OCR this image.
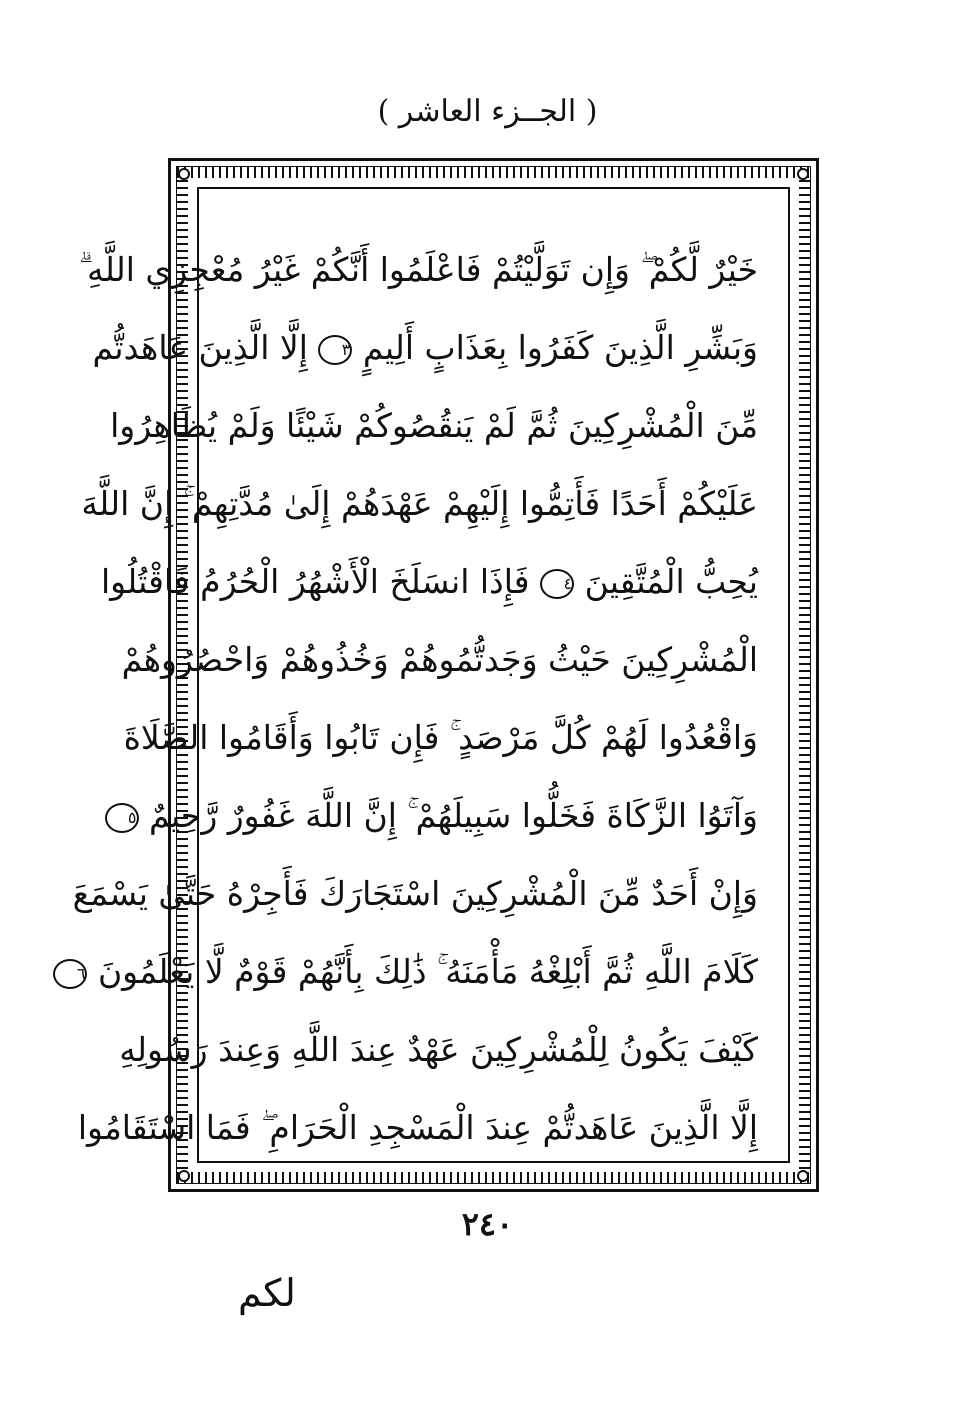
( الجــزء العاشر )
خَيْرٌ لَّكُمْ ۖ وَإِن تَوَلَّيْتُمْ فَاعْلَمُوا أَنَّكُمْ غَيْرُ مُعْجِزِي اللَّهِ ۗ
وَبَشِّرِ الَّذِينَ كَفَرُوا بِعَذَابٍ أَلِيمٍ ٣ إِلَّا الَّذِينَ عَاهَدتُّم
مِّنَ الْمُشْرِكِينَ ثُمَّ لَمْ يَنقُصُوكُمْ شَيْئًا وَلَمْ يُظَاهِرُوا
عَلَيْكُمْ أَحَدًا فَأَتِمُّوا إِلَيْهِمْ عَهْدَهُمْ إِلَىٰ مُدَّتِهِمْ ۚ إِنَّ اللَّهَ
يُحِبُّ الْمُتَّقِينَ ٤ فَإِذَا انسَلَخَ الْأَشْهُرُ الْحُرُمُ فَاقْتُلُوا
الْمُشْرِكِينَ حَيْثُ وَجَدتُّمُوهُمْ وَخُذُوهُمْ وَاحْصُرُوهُمْ
وَاقْعُدُوا لَهُمْ كُلَّ مَرْصَدٍ ۚ فَإِن تَابُوا وَأَقَامُوا الصَّلَاةَ
وَآتَوُا الزَّكَاةَ فَخَلُّوا سَبِيلَهُمْ ۚ إِنَّ اللَّهَ غَفُورٌ رَّحِيمٌ ٥
وَإِنْ أَحَدٌ مِّنَ الْمُشْرِكِينَ اسْتَجَارَكَ فَأَجِرْهُ حَتَّىٰ يَسْمَعَ
كَلَامَ اللَّهِ ثُمَّ أَبْلِغْهُ مَأْمَنَهُ ۚ ذَٰلِكَ بِأَنَّهُمْ قَوْمٌ لَّا يَعْلَمُونَ ٦
كَيْفَ يَكُونُ لِلْمُشْرِكِينَ عَهْدٌ عِندَ اللَّهِ وَعِندَ رَسُولِهِ
إِلَّا الَّذِينَ عَاهَدتُّمْ عِندَ الْمَسْجِدِ الْحَرَامِ ۖ فَمَا اسْتَقَامُوا
٢٤٠
لكم
